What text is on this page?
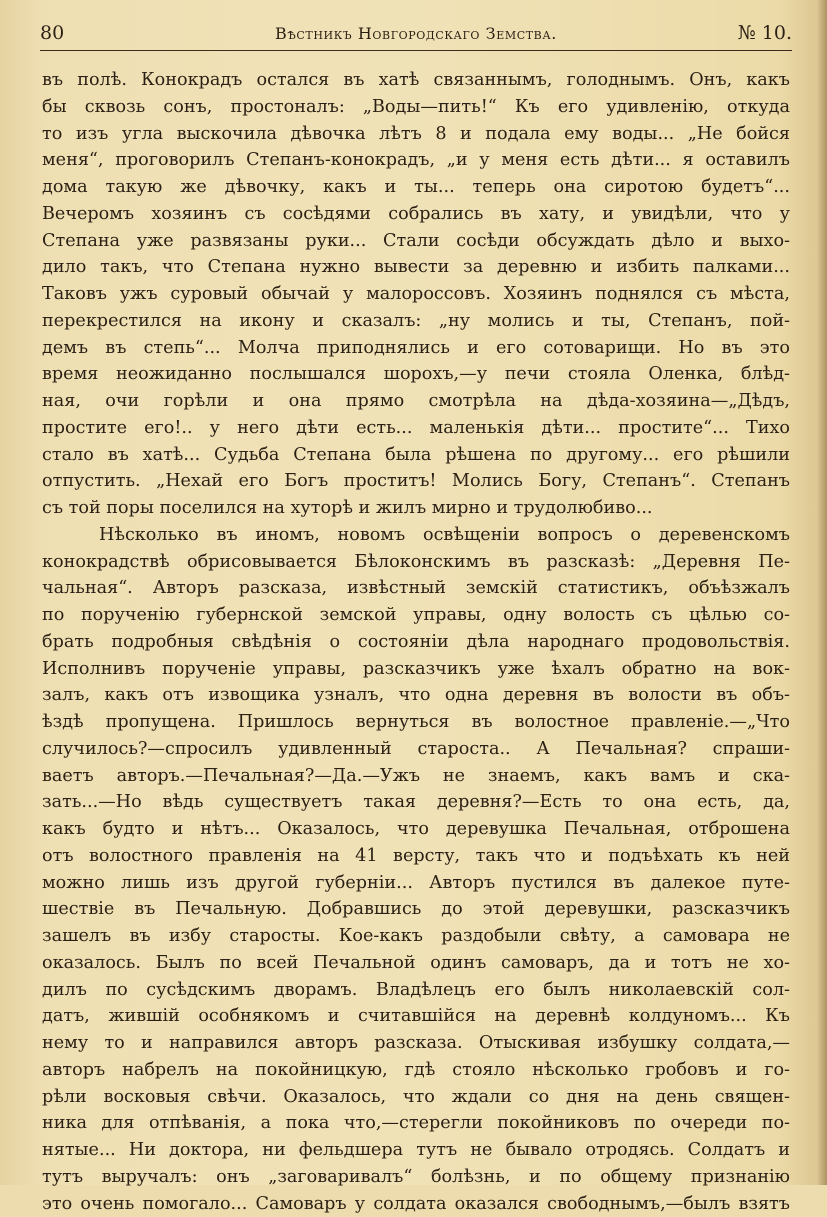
80	Вѣстникъ Новгородскаго Земства.	№ 10.
въ полѣ. Конокрадъ остался въ хатѣ связаннымъ, голоднымъ. Онъ, какъ
бы сквозь сонъ, простоналъ: „Воды—пить!“ Къ его удивленію, откуда
то изъ угла выскочила дѣвочка лѣтъ 8 и подала ему воды... „Не бойся
меня“, проговорилъ Степанъ-конокрадъ, „и у меня есть дѣти... я оставилъ
дома такую же дѣвочку, какъ и ты... теперь она сиротою будетъ“...
Вечеромъ хозяинъ съ сосѣдями собрались въ хату, и увидѣли, что у
Степана уже развязаны руки... Стали сосѣди обсуждать дѣло и выхо-
дило такъ, что Степана нужно вывести за деревню и избить палками...
Таковъ ужъ суровый обычай у малороссовъ. Хозяинъ поднялся съ мѣста,
перекрестился на икону и сказалъ: „ну молись и ты, Степанъ, пой-
демъ въ степь“... Молча приподнялись и его сотоварищи. Но въ это
время неожиданно послышался шорохъ,—у печи стояла Оленка, блѣд-
ная, очи горѣли и она прямо смотрѣла на дѣда-хозяина—„Дѣдъ,
простите его!.. у него дѣти есть... маленькія дѣти... простите“... Тихо
стало въ хатѣ... Судьба Степана была рѣшена по другому... его рѣшили
отпустить. „Нехай его Богъ проститъ! Молись Богу, Степанъ“. Степанъ
съ той поры поселился на хуторѣ и жилъ мирно и трудолюбиво...
Нѣсколько въ иномъ, новомъ освѣщеніи вопросъ о деревенскомъ
конокрадствѣ обрисовывается Бѣлоконскимъ въ разсказѣ: „Деревня Пе-
чальная“. Авторъ разсказа, извѣстный земскій статистикъ, объѣзжалъ
по порученію губернской земской управы, одну волость съ цѣлью со-
брать подробныя свѣдѣнія о состояніи дѣла народнаго продовольствія.
Исполнивъ порученіе управы, разсказчикъ уже ѣхалъ обратно на вок-
залъ, какъ отъ извощика узналъ, что одна деревня въ волости въ объ-
ѣздѣ пропущена. Пришлось вернуться въ волостное правленіе.—„Что
случилось?—спросилъ удивленный староста.. А Печальная? спраши-
ваетъ авторъ.—Печальная?—Да.—Ужъ не знаемъ, какъ вамъ и ска-
зать...—Но вѣдь существуетъ такая деревня?—Есть то она есть, да,
какъ будто и нѣтъ... Оказалось, что деревушка Печальная, отброшена
отъ волостного правленія на 41 версту, такъ что и подъѣхать къ ней
можно лишь изъ другой губерніи... Авторъ пустился въ далекое путе-
шествіе въ Печальную. Добравшись до этой деревушки, разсказчикъ
зашелъ въ избу старосты. Кое-какъ раздобыли свѣту, а самовара не
оказалось. Былъ по всей Печальной одинъ самоваръ, да и тотъ не хо-
дилъ по сусѣдскимъ дворамъ. Владѣлецъ его былъ николаевскій сол-
датъ, жившій особнякомъ и считавшійся на деревнѣ колдуномъ... Къ
нему то и направился авторъ разсказа. Отыскивая избушку солдата,—
авторъ набрелъ на покойницкую, гдѣ стояло нѣсколько гробовъ и го-
рѣли восковыя свѣчи. Оказалось, что ждали со дня на день священ-
ника для отпѣванія, а пока что,—стерегли покойниковъ по очереди по-
нятые... Ни доктора, ни фельдшера тутъ не бывало отродясь. Солдатъ и
тутъ выручалъ: онъ „заговаривалъ“ болѣзнь, и по общему признанію
это очень помогало... Самоваръ у солдата оказался свободнымъ,—былъ взятъ
